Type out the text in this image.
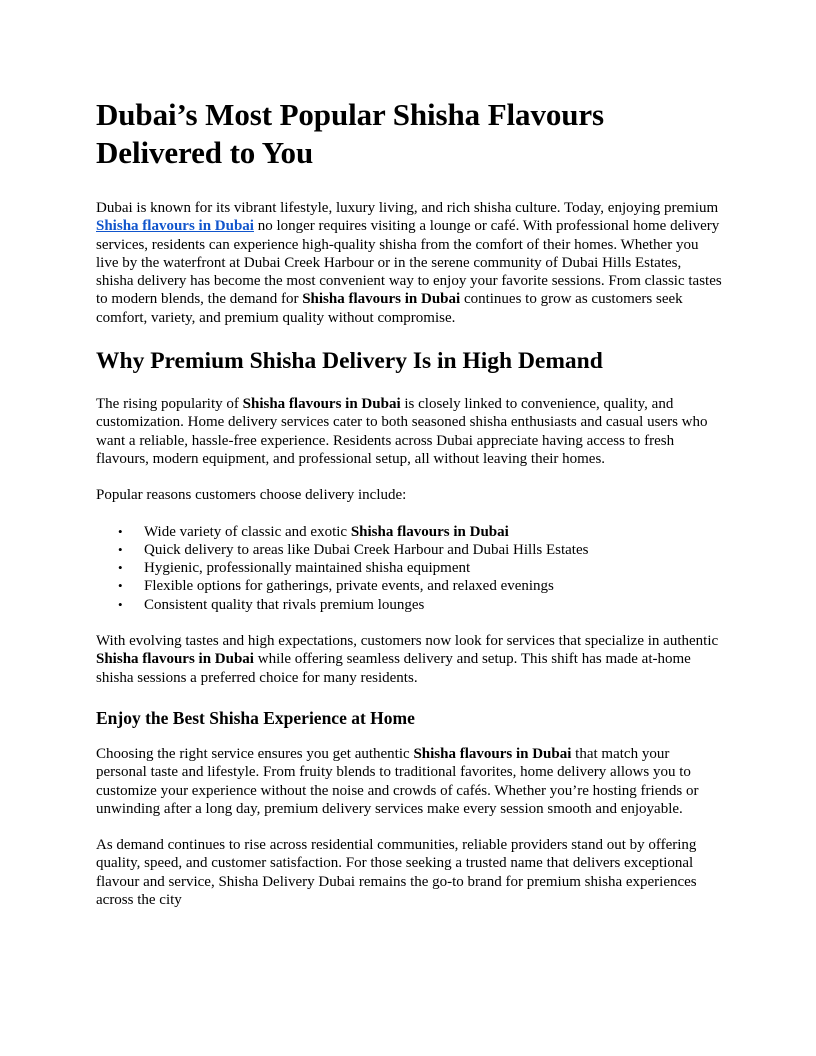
Dubai’s Most Popular Shisha Flavours Delivered to You

Dubai is known for its vibrant lifestyle, luxury living, and rich shisha culture. Today, enjoying premium Shisha flavours in Dubai no longer requires visiting a lounge or café. With professional home delivery services, residents can experience high-quality shisha from the comfort of their homes. Whether you live by the waterfront at Dubai Creek Harbour or in the serene community of Dubai Hills Estates, shisha delivery has become the most convenient way to enjoy your favorite sessions. From classic tastes to modern blends, the demand for Shisha flavours in Dubai continues to grow as customers seek comfort, variety, and premium quality without compromise.

Why Premium Shisha Delivery Is in High Demand

The rising popularity of Shisha flavours in Dubai is closely linked to convenience, quality, and customization. Home delivery services cater to both seasoned shisha enthusiasts and casual users who want a reliable, hassle-free experience. Residents across Dubai appreciate having access to fresh flavours, modern equipment, and professional setup, all without leaving their homes.

Popular reasons customers choose delivery include:

• Wide variety of classic and exotic Shisha flavours in Dubai
• Quick delivery to areas like Dubai Creek Harbour and Dubai Hills Estates
• Hygienic, professionally maintained shisha equipment
• Flexible options for gatherings, private events, and relaxed evenings
• Consistent quality that rivals premium lounges

With evolving tastes and high expectations, customers now look for services that specialize in authentic Shisha flavours in Dubai while offering seamless delivery and setup. This shift has made at-home shisha sessions a preferred choice for many residents.

Enjoy the Best Shisha Experience at Home

Choosing the right service ensures you get authentic Shisha flavours in Dubai that match your personal taste and lifestyle. From fruity blends to traditional favorites, home delivery allows you to customize your experience without the noise and crowds of cafés. Whether you’re hosting friends or unwinding after a long day, premium delivery services make every session smooth and enjoyable.

As demand continues to rise across residential communities, reliable providers stand out by offering quality, speed, and customer satisfaction. For those seeking a trusted name that delivers exceptional flavour and service, Shisha Delivery Dubai remains the go-to brand for premium shisha experiences across the city
